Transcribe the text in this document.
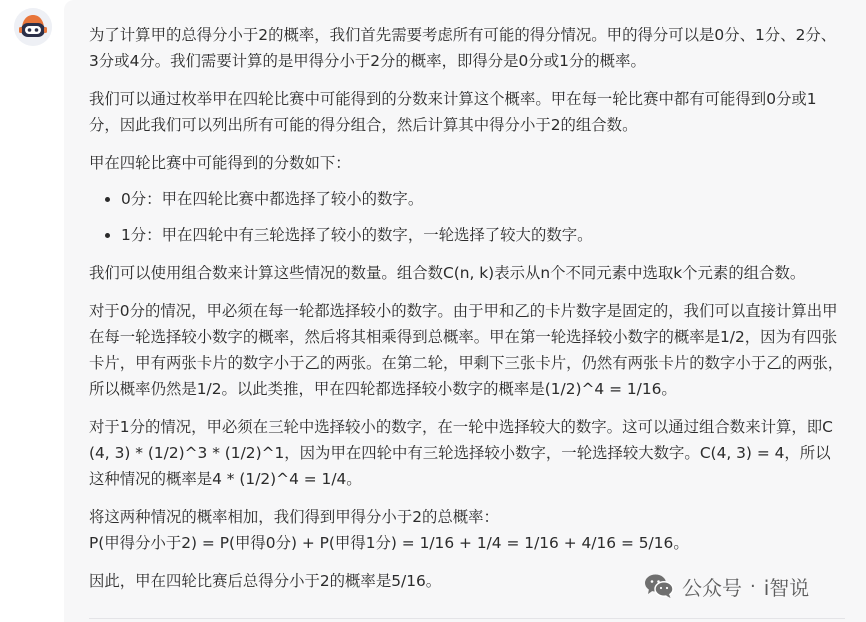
为了计算甲的总得分小于2的概率，我们首先需要考虑所有可能的得分情况。甲的得分可以是0分、1分、2分、3分或4分。我们需要计算的是甲得分小于2分的概率，即得分是0分或1分的概率。

我们可以通过枚举甲在四轮比赛中可能得到的分数来计算这个概率。甲在每一轮比赛中都有可能得到0分或1分，因此我们可以列出所有可能的得分组合，然后计算其中得分小于2的组合数。

甲在四轮比赛中可能得到的分数如下：

0分：甲在四轮比赛中都选择了较小的数字。
1分：甲在四轮中有三轮选择了较小的数字，一轮选择了较大的数字。

我们可以使用组合数来计算这些情况的数量。组合数C(n, k)表示从n个不同元素中选取k个元素的组合数。

对于0分的情况，甲必须在每一轮都选择较小的数字。由于甲和乙的卡片数字是固定的，我们可以直接计算出甲在每一轮选择较小数字的概率，然后将其相乘得到总概率。甲在第一轮选择较小数字的概率是1/2，因为有四张卡片，甲有两张卡片的数字小于乙的两张。在第二轮，甲剩下三张卡片，仍然有两张卡片的数字小于乙的两张，所以概率仍然是1/2。以此类推，甲在四轮都选择较小数字的概率是(1/2)^4 = 1/16。

对于1分的情况，甲必须在三轮中选择较小的数字，在一轮中选择较大的数字。这可以通过组合数来计算，即C(4, 3) * (1/2)^3 * (1/2)^1，因为甲在四轮中有三轮选择较小数字，一轮选择较大数字。C(4, 3) = 4，所以这种情况的概率是4 * (1/2)^4 = 1/4。

将这两种情况的概率相加，我们得到甲得分小于2的总概率：
P(甲得分小于2) = P(甲得0分) + P(甲得1分) = 1/16 + 1/4 = 1/16 + 4/16 = 5/16。

因此，甲在四轮比赛后总得分小于2的概率是5/16。	公众号 · i智说
